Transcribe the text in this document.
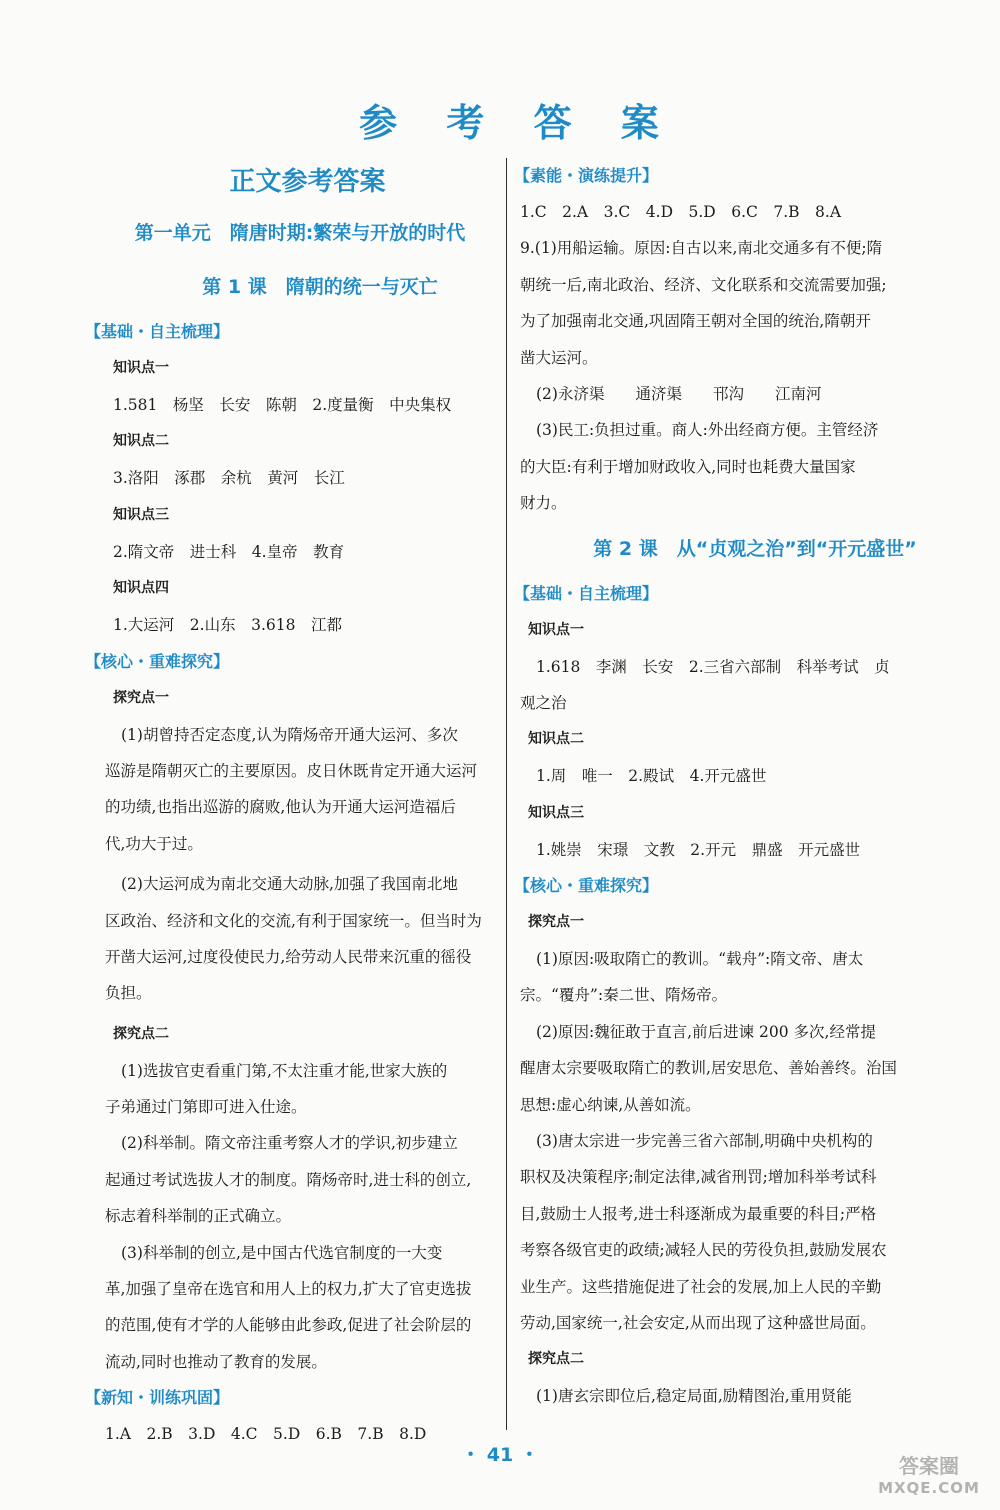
参 考 答 案
正文参考答案
第一单元　隋唐时期:繁荣与开放的时代
第 1 课　隋朝的统一与灭亡
【基础・自主梳理】
知识点一
1.581　杨坚　长安　陈朝　2.度量衡　中央集权
知识点二
3.洛阳　涿郡　余杭　黄河　长江
知识点三
2.隋文帝　进士科　4.皇帝　教育
知识点四
1.大运河　2.山东　3.618　江都
【核心・重难探究】
探究点一
(1)胡曾持否定态度,认为隋炀帝开通大运河、多次
巡游是隋朝灭亡的主要原因。皮日休既肯定开通大运河
的功绩,也指出巡游的腐败,他认为开通大运河造福后
代,功大于过。
(2)大运河成为南北交通大动脉,加强了我国南北地
区政治、经济和文化的交流,有利于国家统一。但当时为
开凿大运河,过度役使民力,给劳动人民带来沉重的徭役
负担。
探究点二
(1)选拔官吏看重门第,不太注重才能,世家大族的
子弟通过门第即可进入仕途。
(2)科举制。隋文帝注重考察人才的学识,初步建立
起通过考试选拔人才的制度。隋炀帝时,进士科的创立,
标志着科举制的正式确立。
(3)科举制的创立,是中国古代选官制度的一大变
革,加强了皇帝在选官和用人上的权力,扩大了官吏选拔
的范围,使有才学的人能够由此参政,促进了社会阶层的
流动,同时也推动了教育的发展。
【新知・训练巩固】
1.A　2.B　3.D　4.C　5.D　6.B　7.B　8.D
【素能・演练提升】
1.C　2.A　3.C　4.D　5.D　6.C　7.B　8.A
9.(1)用船运输。原因:自古以来,南北交通多有不便;隋
朝统一后,南北政治、经济、文化联系和交流需要加强;
为了加强南北交通,巩固隋王朝对全国的统治,隋朝开
凿大运河。
(2)永济渠　　通济渠　　邗沟　　江南河
(3)民工:负担过重。商人:外出经商方便。主管经济
的大臣:有利于增加财政收入,同时也耗费大量国家
财力。
第 2 课　从“贞观之治”到“开元盛世”
【基础・自主梳理】
知识点一
1.618　李渊　长安　2.三省六部制　科举考试　贞
观之治
知识点二
1.周　唯一　2.殿试　4.开元盛世
知识点三
1.姚崇　宋璟　文教　2.开元　鼎盛　开元盛世
【核心・重难探究】
探究点一
(1)原因:吸取隋亡的教训。“载舟”:隋文帝、唐太
宗。“覆舟”:秦二世、隋炀帝。
(2)原因:魏征敢于直言,前后进谏 200 多次,经常提
醒唐太宗要吸取隋亡的教训,居安思危、善始善终。治国
思想:虚心纳谏,从善如流。
(3)唐太宗进一步完善三省六部制,明确中央机构的
职权及决策程序;制定法律,减省刑罚;增加科举考试科
目,鼓励士人报考,进士科逐渐成为最重要的科目;严格
考察各级官吏的政绩;减轻人民的劳役负担,鼓励发展农
业生产。这些措施促进了社会的发展,加上人民的辛勤
劳动,国家统一,社会安定,从而出现了这种盛世局面。
探究点二
(1)唐玄宗即位后,稳定局面,励精图治,重用贤能
・ 41 ・	答案圈
MXQE.COM
